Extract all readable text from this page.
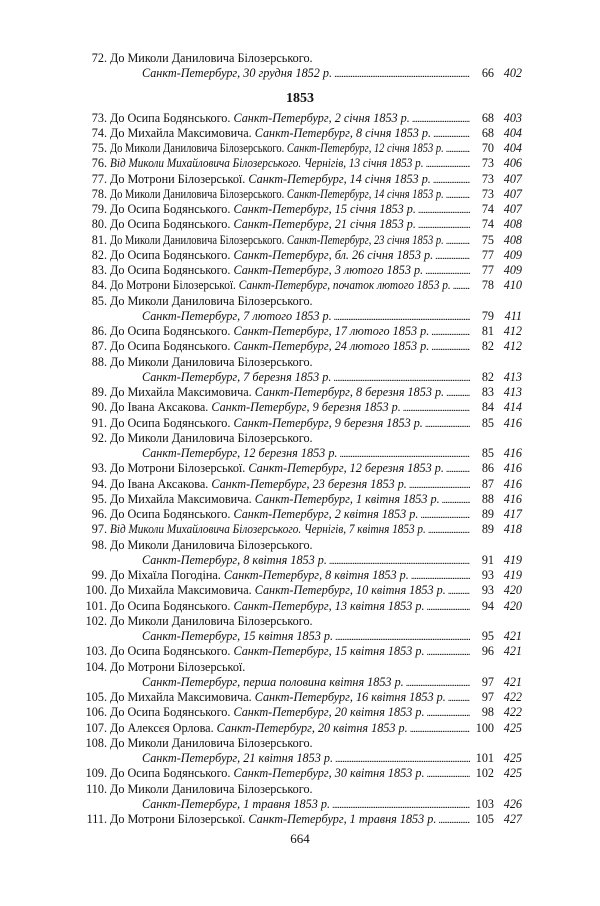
72. До Миколи Даниловича Білозерського.
Санкт-Петербург, 30 грудня 1852 р. . . .	66 402
1853
73. До Осипа Бодянського. Санкт-Петербург, 2 січня 1853 р. . . .	68 403
74. До Михайла Максимовича. Санкт-Петербург, 8 січня 1853 р. . . .	68 404
75. До Миколи Даниловича Білозерського. Санкт-Петербург, 12 січня 1853 р. . . .	70 404
76. Від Миколи Михайловича Білозерського. Чернігів, 13 січня 1853 р. . . .	73 406
77. До Мотрони Білозерської. Санкт-Петербург, 14 січня 1853 р. . . .	73 407
78. До Миколи Даниловича Білозерського. Санкт-Петербург, 14 січня 1853 р. . . .	73 407
79. До Осипа Бодянського. Санкт-Петербург, 15 січня 1853 р. . . .	74 407
80. До Осипа Бодянського. Санкт-Петербург, 21 січня 1853 р. . . .	74 408
81. До Миколи Даниловича Білозерського. Санкт-Петербург, 23 січня 1853 р. . . .	75 408
82. До Осипа Бодянського. Санкт-Петербург, бл. 26 січня 1853 р. . . .	77 409
83. До Осипа Бодянського. Санкт-Петербург, 3 лютого 1853 р. . . .	77 409
84. До Мотрони Білозерської. Санкт-Петербург, початок лютого 1853 р. . . .	78 410
85. До Миколи Даниловича Білозерського.
Санкт-Петербург, 7 лютого 1853 р. . . .	79 411
86. До Осипа Бодянського. Санкт-Петербург, 17 лютого 1853 р. . . .	81 412
87. До Осипа Бодянського. Санкт-Петербург, 24 лютого 1853 р. . . .	82 412
88. До Миколи Даниловича Білозерського.
Санкт-Петербург, 7 березня 1853 р. . . .	82 413
89. До Михайла Максимовича. Санкт-Петербург, 8 березня 1853 р. . . .	83 413
90. До Івана Аксакова. Санкт-Петербург, 9 березня 1853 р. . . .	84 414
91. До Осипа Бодянського. Санкт-Петербург, 9 березня 1853 р. . . .	85 416
92. До Миколи Даниловича Білозерського.
Санкт-Петербург, 12 березня 1853 р. . . .	85 416
93. До Мотрони Білозерської. Санкт-Петербург, 12 березня 1853 р. . . .	86 416
94. До Івана Аксакова. Санкт-Петербург, 23 березня 1853 р. . . .	87 416
95. До Михайла Максимовича. Санкт-Петербург, 1 квітня 1853 р. . . .	88 416
96. До Осипа Бодянського. Санкт-Петербург, 2 квітня 1853 р. . . .	89 417
97. Від Миколи Михайловича Білозерського. Чернігів, 7 квітня 1853 р. . . .	89 418
98. До Миколи Даниловича Білозерського.
Санкт-Петербург, 8 квітня 1853 р. . . .	91 419
99. До Міхаїла Погодіна. Санкт-Петербург, 8 квітня 1853 р. . . .	93 419
100. До Михайла Максимовича. Санкт-Петербург, 10 квітня 1853 р. . . .	93 420
101. До Осипа Бодянського. Санкт-Петербург, 13 квітня 1853 р. . . .	94 420
102. До Миколи Даниловича Білозерського.
Санкт-Петербург, 15 квітня 1853 р. . . .	95 421
103. До Осипа Бодянського. Санкт-Петербург, 15 квітня 1853 р. . . .	96 421
104. До Мотрони Білозерської.
Санкт-Петербург, перша половина квітня 1853 р. . . .	97 421
105. До Михайла Максимовича. Санкт-Петербург, 16 квітня 1853 р. . . .	97 422
106. До Осипа Бодянського. Санкт-Петербург, 20 квітня 1853 р. . . .	98 422
107. До Алексєя Орлова. Санкт-Петербург, 20 квітня 1853 р. . . .	100 425
108. До Миколи Даниловича Білозерського.
Санкт-Петербург, 21 квітня 1853 р. . . .	101 425
109. До Осипа Бодянського. Санкт-Петербург, 30 квітня 1853 р. . . .	102 425
110. До Миколи Даниловича Білозерського.
Санкт-Петербург, 1 травня 1853 р. . . .	103 426
111. До Мотрони Білозерської. Санкт-Петербург, 1 травня 1853 р. . . .	105 427
664
